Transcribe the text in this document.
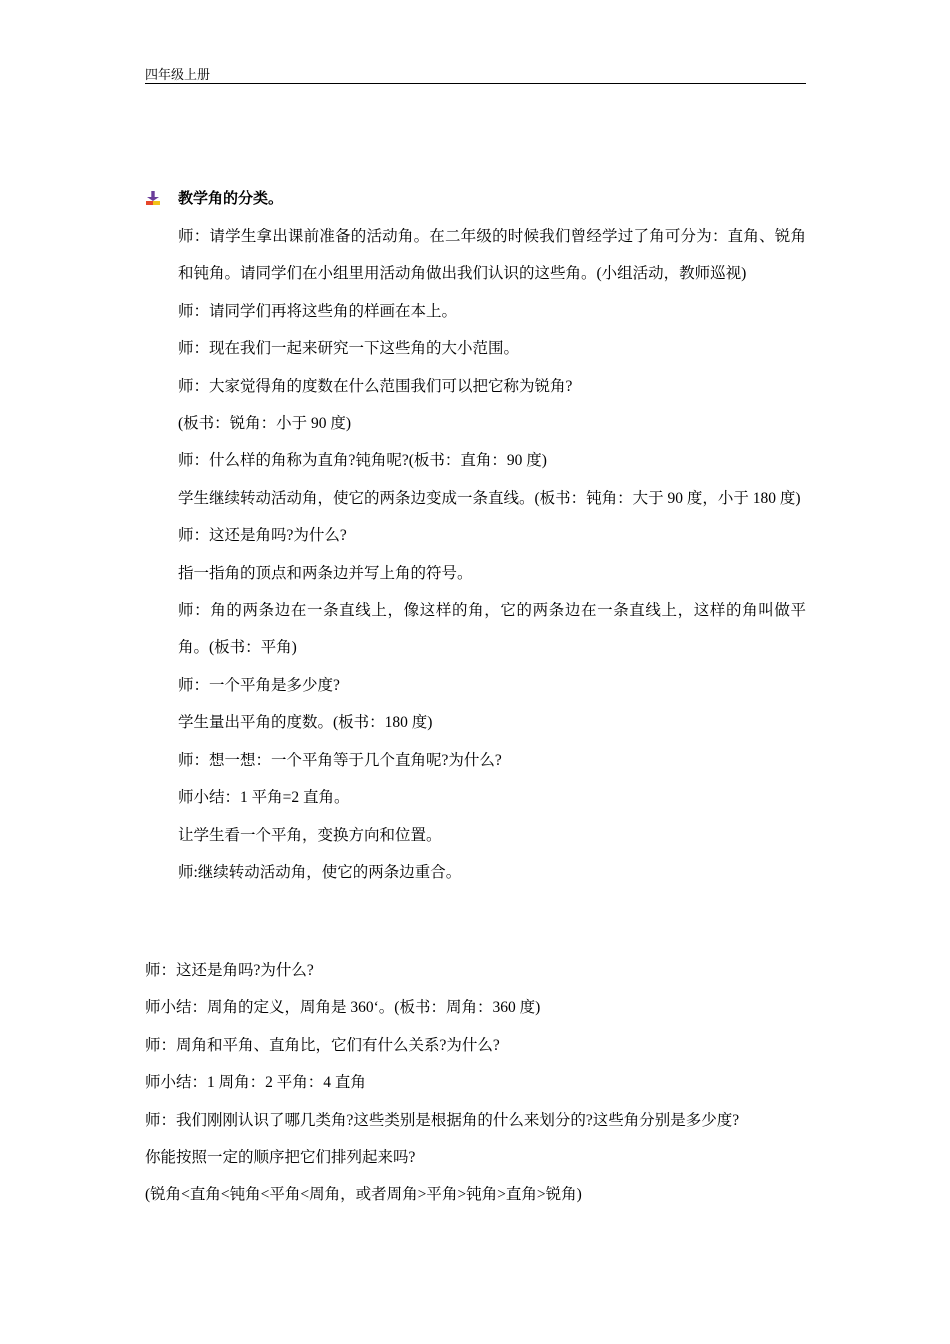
四年级上册
教学角的分类。

师：请学生拿出课前准备的活动角。在二年级的时候我们曾经学过了角可分为：直角、锐角和钝角。请同学们在小组里用活动角做出我们认识的这些角。(小组活动，教师巡视)

师：请同学们再将这些角的样画在本上。

师：现在我们一起来研究一下这些角的大小范围。

师：大家觉得角的度数在什么范围我们可以把它称为锐角?

(板书：锐角：小于 90 度)

师：什么样的角称为直角?钝角呢?(板书：直角：90 度)

学生继续转动活动角，使它的两条边变成一条直线。(板书：钝角：大于 90 度，小于 180 度)

师：这还是角吗?为什么?

指一指角的顶点和两条边并写上角的符号。

师：角的两条边在一条直线上，像这样的角，它的两条边在一条直线上，这样的角叫做平角。(板书：平角)

师：一个平角是多少度?

学生量出平角的度数。(板书：180 度)

师：想一想：一个平角等于几个直角呢?为什么?

师小结：1 平角=2 直角。

让学生看一个平角，变换方向和位置。

师:继续转动活动角，使它的两条边重合。

师：这还是角吗?为什么?

师小结：周角的定义，周角是 360‘。(板书：周角：360 度)

师：周角和平角、直角比，它们有什么关系?为什么?

师小结：1 周角：2 平角：4 直角

师：我们刚刚认识了哪几类角?这些类别是根据角的什么来划分的?这些角分别是多少度?

你能按照一定的顺序把它们排列起来吗?

(锐角<直角<钝角<平角<周角，或者周角>平角>钝角>直角>锐角)
